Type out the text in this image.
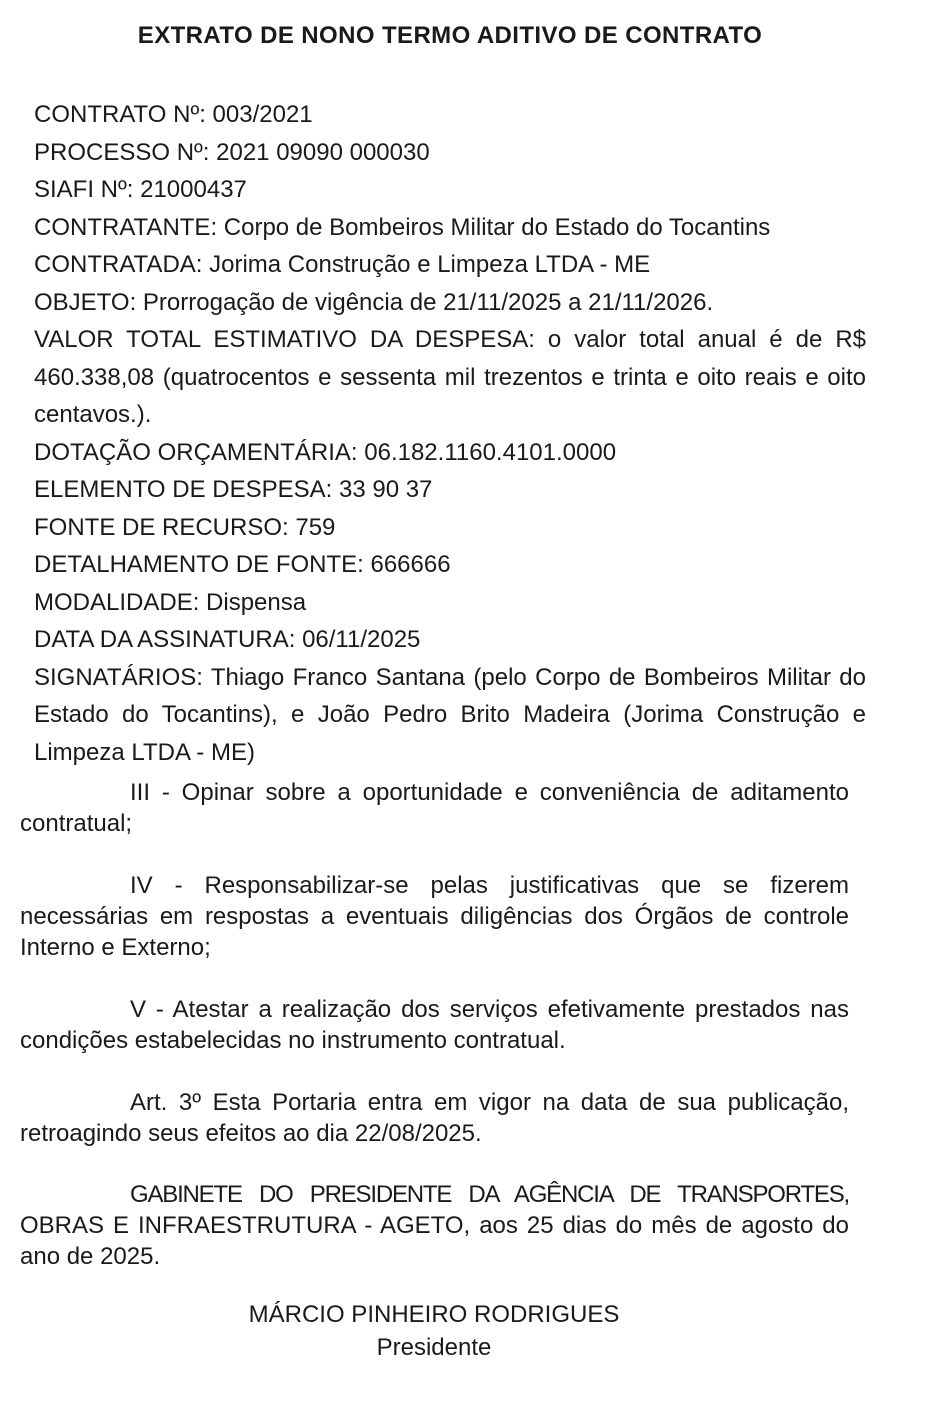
EXTRATO DE NONO TERMO ADITIVO DE CONTRATO

CONTRATO Nº: 003/2021

PROCESSO Nº: 2021 09090 000030

SIAFI Nº: 21000437

CONTRATANTE: Corpo de Bombeiros Militar do Estado do Tocantins

CONTRATADA: Jorima Construção e Limpeza LTDA - ME

OBJETO: Prorrogação de vigência de 21/11/2025 a 21/11/2026.

VALOR TOTAL ESTIMATIVO DA DESPESA: o valor total anual é de R$ 460.338,08 (quatrocentos e sessenta mil trezentos e trinta e oito reais e oito centavos.).

DOTAÇÃO ORÇAMENTÁRIA: 06.182.1160.4101.0000

ELEMENTO DE DESPESA: 33 90 37

FONTE DE RECURSO: 759

DETALHAMENTO DE FONTE: 666666

MODALIDADE: Dispensa

DATA DA ASSINATURA: 06/11/2025

SIGNATÁRIOS: Thiago Franco Santana (pelo Corpo de Bombeiros Militar do Estado do Tocantins), e João Pedro Brito Madeira (Jorima Construção e Limpeza LTDA - ME)

III - Opinar sobre a oportunidade e conveniência de aditamento contratual;

IV - Responsabilizar-se pelas justificativas que se fizerem necessárias em respostas a eventuais diligências dos Órgãos de controle Interno e Externo;

V - Atestar a realização dos serviços efetivamente prestados nas condições estabelecidas no instrumento contratual.

Art. 3º Esta Portaria entra em vigor na data de sua publicação, retroagindo seus efeitos ao dia 22/08/2025.

GABINETE DO PRESIDENTE DA AGÊNCIA DE TRANSPORTES, OBRAS E INFRAESTRUTURA - AGETO, aos 25 dias do mês de agosto do ano de 2025.

MÁRCIO PINHEIRO RODRIGUES

Presidente
